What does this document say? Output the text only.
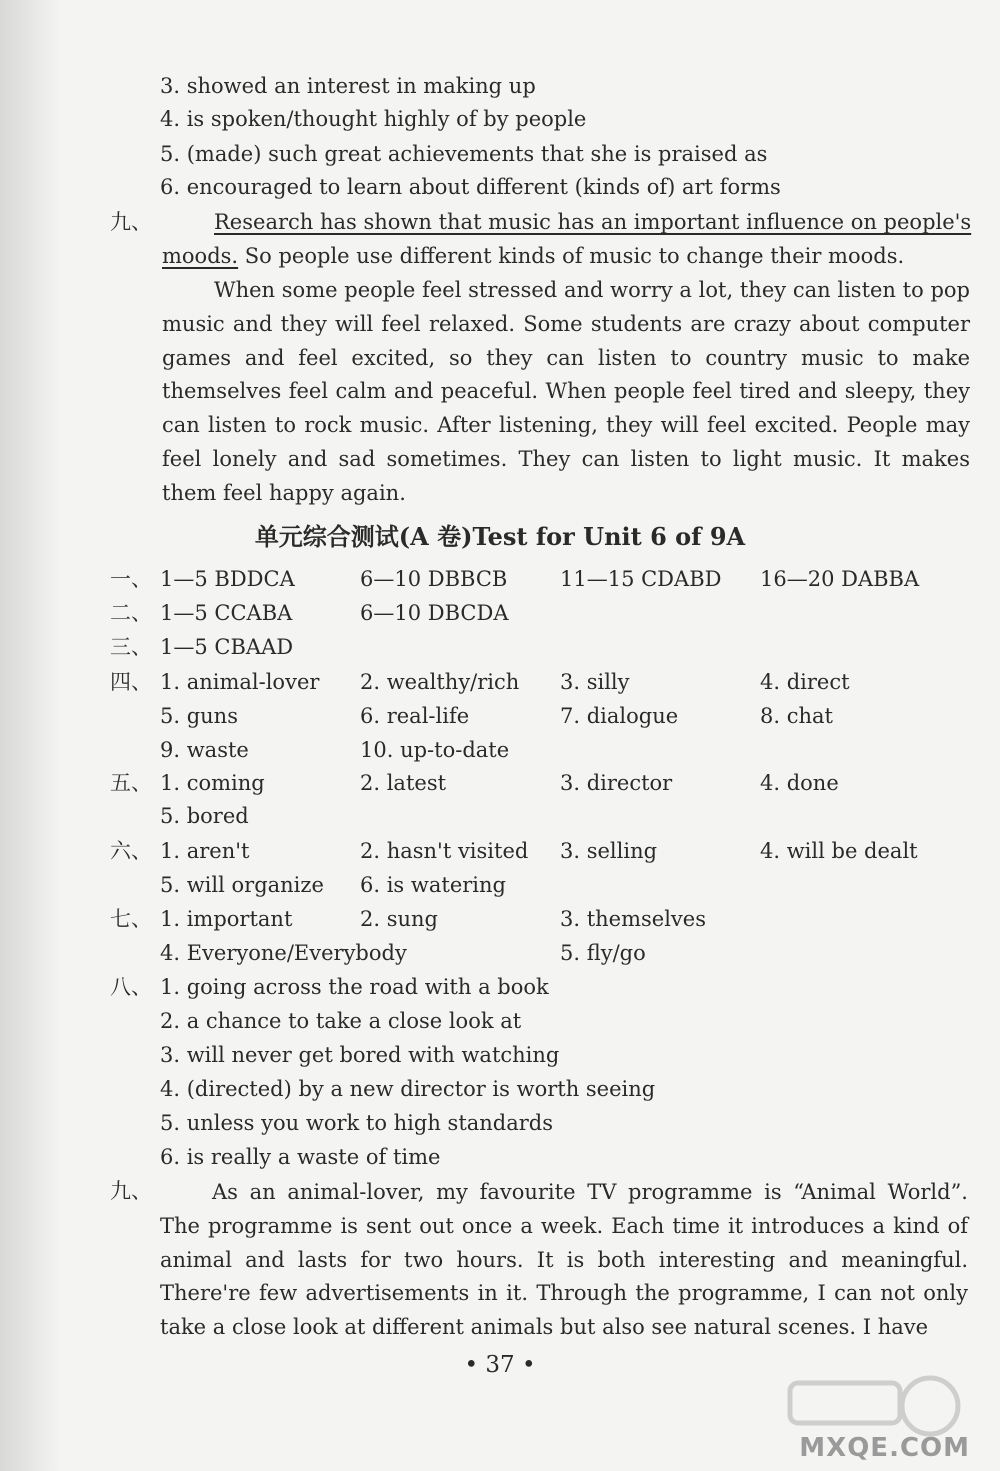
3. showed an interest in making up
4. is spoken/thought highly of by people
5. (made) such great achievements that she is praised as
6. encouraged to learn about different (kinds of) art forms
九、	Research has shown that music has an important influence on people's
moods. So people use different kinds of music to change their moods.
When some people feel stressed and worry a lot, they can listen to pop music and they will feel relaxed. Some students are crazy about computer games and feel excited, so they can listen to country music to make themselves feel calm and peaceful. When people feel tired and sleepy, they can listen to rock music. After listening, they will feel excited. People may feel lonely and sad sometimes. They can listen to light music. It makes them feel happy again.
单元综合测试(A 卷)Test for Unit 6 of 9A
一、 1—5 BDDCA	6—10 DBBCB	11—15 CDABD 16—20 DABBA
二、 1—5 CCABA	6—10 DBCDA
三、 1—5 CBAAD
四、 1. animal-lover 2. wealthy/rich 3. silly	4. direct
5. guns	6. real-life	7. dialogue	8. chat
9. waste	10. up-to-date
五、 1. coming	2. latest	3. director	4. done
5. bored
六、 1. aren't	2. hasn't visited 3. selling	4. will be dealt
5. will organize 6. is watering
七、 1. important	2. sung	3. themselves
4. Everyone/Everybody	5. fly/go
八、 1. going across the road with a book
2. a chance to take a close look at
3. will never get bored with watching
4. (directed) by a new director is worth seeing
5. unless you work to high standards
6. is really a waste of time
九、	As an animal-lover, my favourite TV programme is “Animal World”. The programme is sent out once a week. Each time it introduces a kind of animal and lasts for two hours. It is both interesting and meaningful. There're few advertisements in it. Through the programme, I can not only take a close look at different animals but also see natural scenes. I have
• 37 •
MXQE.COM
